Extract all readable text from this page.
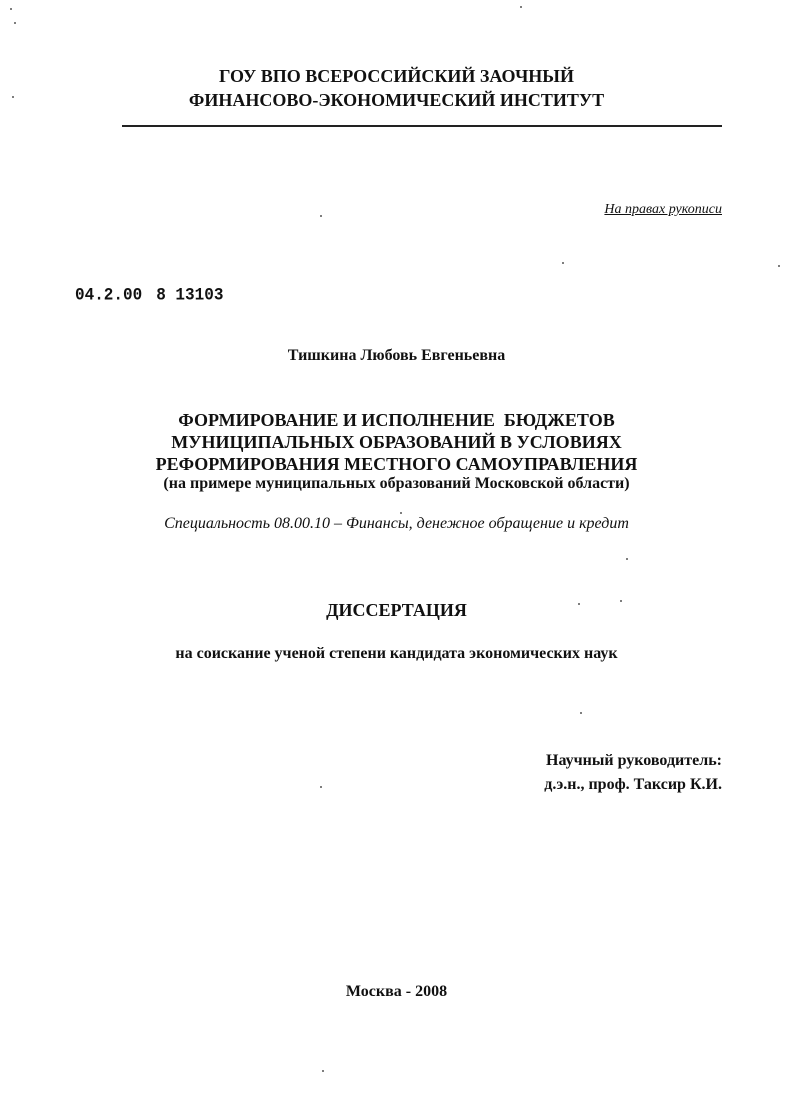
ГОУ ВПО ВСЕРОССИЙСКИЙ ЗАОЧНЫЙ
ФИНАНСОВО-ЭКОНОМИЧЕСКИЙ ИНСТИТУТ
На правах рукописи
04.2.00 8 13103
Тишкина Любовь Евгеньевна
ФОРМИРОВАНИЕ И ИСПОЛНЕНИЕ  БЮДЖЕТОВ
МУНИЦИПАЛЬНЫХ ОБРАЗОВАНИЙ В УСЛОВИЯХ
РЕФОРМИРОВАНИЯ МЕСТНОГО САМОУПРАВЛЕНИЯ
(на примере муниципальных образований Московской области)
Специальность 08.00.10 – Финансы, денежное обращение и кредит
ДИССЕРТАЦИЯ
на соискание ученой степени кандидата экономических наук
Научный руководитель:
д.э.н., проф. Таксир К.И.
Москва - 2008
